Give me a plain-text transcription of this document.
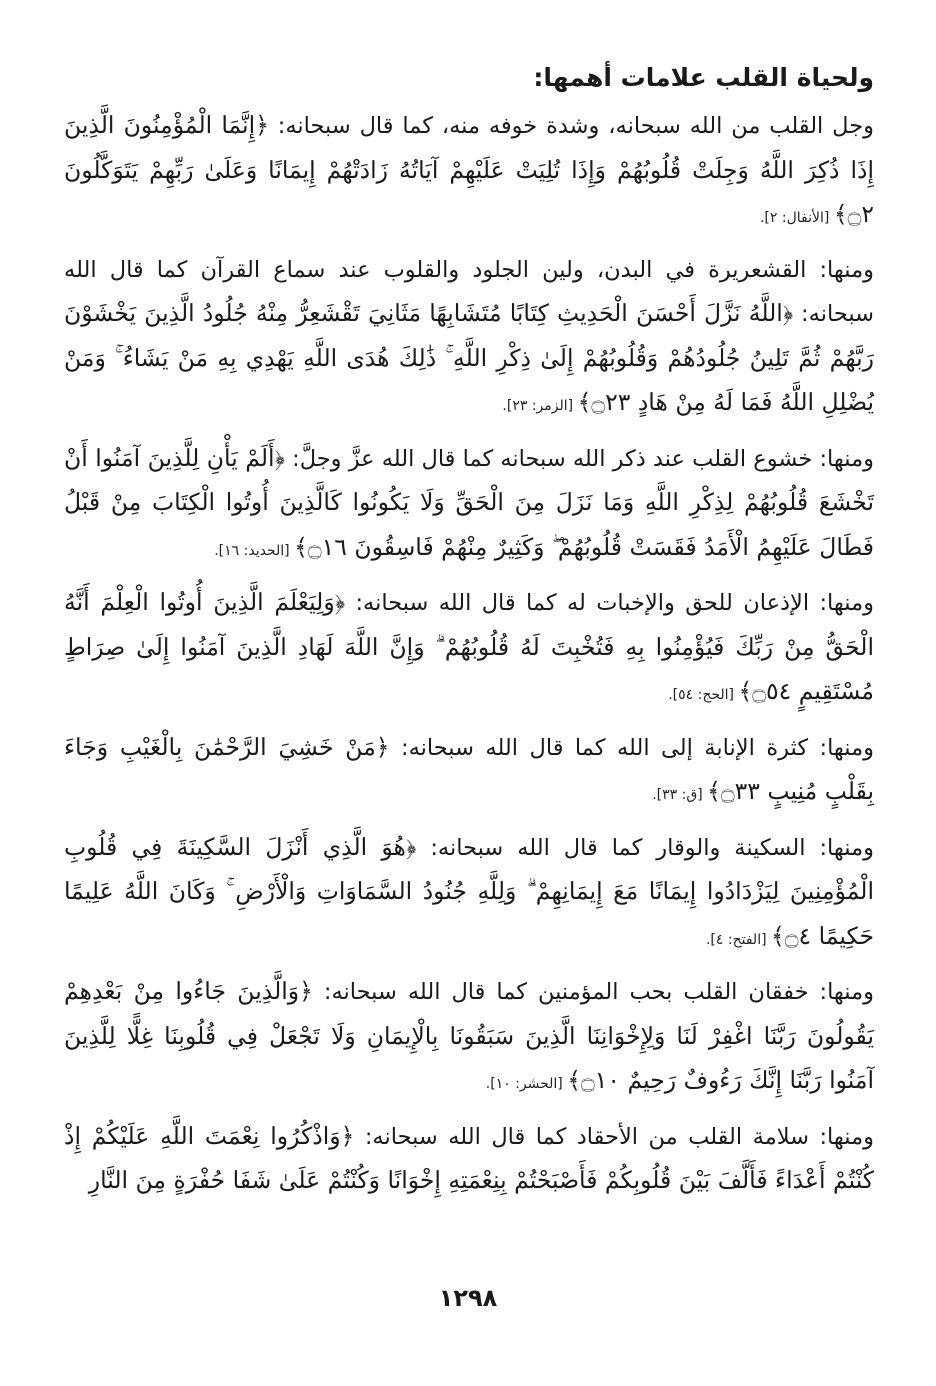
ولحياة القلب علامات أهمها:

وجل القلب من الله سبحانه، وشدة خوفه منه، كما قال سبحانه: ﴿إِنَّمَا الْمُؤْمِنُونَ الَّذِينَ إِذَا ذُكِرَ اللَّهُ وَجِلَتْ قُلُوبُهُمْ وَإِذَا تُلِيَتْ عَلَيْهِمْ آيَاتُهُ زَادَتْهُمْ إِيمَانًا وَعَلَىٰ رَبِّهِمْ يَتَوَكَّلُونَ ۝٢﴾ [الأنفال: ٢].

ومنها: القشعريرة في البدن، ولين الجلود والقلوب عند سماع القرآن كما قال الله سبحانه: ﴿اللَّهُ نَزَّلَ أَحْسَنَ الْحَدِيثِ كِتَابًا مُتَشَابِهًا مَثَانِيَ تَقْشَعِرُّ مِنْهُ جُلُودُ الَّذِينَ يَخْشَوْنَ رَبَّهُمْ ثُمَّ تَلِينُ جُلُودُهُمْ وَقُلُوبُهُمْ إِلَىٰ ذِكْرِ اللَّهِ ۚ ذَٰلِكَ هُدَى اللَّهِ يَهْدِي بِهِ مَنْ يَشَاءُ ۚ وَمَنْ يُضْلِلِ اللَّهُ فَمَا لَهُ مِنْ هَادٍ ۝٢٣﴾ [الزمر: ٢٣].

ومنها: خشوع القلب عند ذكر الله سبحانه كما قال الله عزَّ وجلَّ: ﴿أَلَمْ يَأْنِ لِلَّذِينَ آمَنُوا أَنْ تَخْشَعَ قُلُوبُهُمْ لِذِكْرِ اللَّهِ وَمَا نَزَلَ مِنَ الْحَقِّ وَلَا يَكُونُوا كَالَّذِينَ أُوتُوا الْكِتَابَ مِنْ قَبْلُ فَطَالَ عَلَيْهِمُ الْأَمَدُ فَقَسَتْ قُلُوبُهُمْ ۖ وَكَثِيرٌ مِنْهُمْ فَاسِقُونَ ۝١٦﴾ [الحديد: ١٦].

ومنها: الإذعان للحق والإخبات له كما قال الله سبحانه: ﴿وَلِيَعْلَمَ الَّذِينَ أُوتُوا الْعِلْمَ أَنَّهُ الْحَقُّ مِنْ رَبِّكَ فَيُؤْمِنُوا بِهِ فَتُخْبِتَ لَهُ قُلُوبُهُمْ ۗ وَإِنَّ اللَّهَ لَهَادِ الَّذِينَ آمَنُوا إِلَىٰ صِرَاطٍ مُسْتَقِيمٍ ۝٥٤﴾ [الحج: ٥٤].

ومنها: كثرة الإنابة إلى الله كما قال الله سبحانه: ﴿مَنْ خَشِيَ الرَّحْمَٰنَ بِالْغَيْبِ وَجَاءَ بِقَلْبٍ مُنِيبٍ ۝٣٣﴾ [ق: ٣٣].

ومنها: السكينة والوقار كما قال الله سبحانه: ﴿هُوَ الَّذِي أَنْزَلَ السَّكِينَةَ فِي قُلُوبِ الْمُؤْمِنِينَ لِيَزْدَادُوا إِيمَانًا مَعَ إِيمَانِهِمْ ۗ وَلِلَّهِ جُنُودُ السَّمَاوَاتِ وَالْأَرْضِ ۚ وَكَانَ اللَّهُ عَلِيمًا حَكِيمًا ۝٤﴾ [الفتح: ٤].

ومنها: خفقان القلب بحب المؤمنين كما قال الله سبحانه: ﴿وَالَّذِينَ جَاءُوا مِنْ بَعْدِهِمْ يَقُولُونَ رَبَّنَا اغْفِرْ لَنَا وَلِإِخْوَانِنَا الَّذِينَ سَبَقُونَا بِالْإِيمَانِ وَلَا تَجْعَلْ فِي قُلُوبِنَا غِلًّا لِلَّذِينَ آمَنُوا رَبَّنَا إِنَّكَ رَءُوفٌ رَحِيمٌ ۝١٠﴾ [الحشر: ١٠].

ومنها: سلامة القلب من الأحقاد كما قال الله سبحانه: ﴿وَاذْكُرُوا نِعْمَتَ اللَّهِ عَلَيْكُمْ إِذْ كُنْتُمْ أَعْدَاءً فَأَلَّفَ بَيْنَ قُلُوبِكُمْ فَأَصْبَحْتُمْ بِنِعْمَتِهِ إِخْوَانًا وَكُنْتُمْ عَلَىٰ شَفَا حُفْرَةٍ مِنَ النَّارِ

١٢٩٨
